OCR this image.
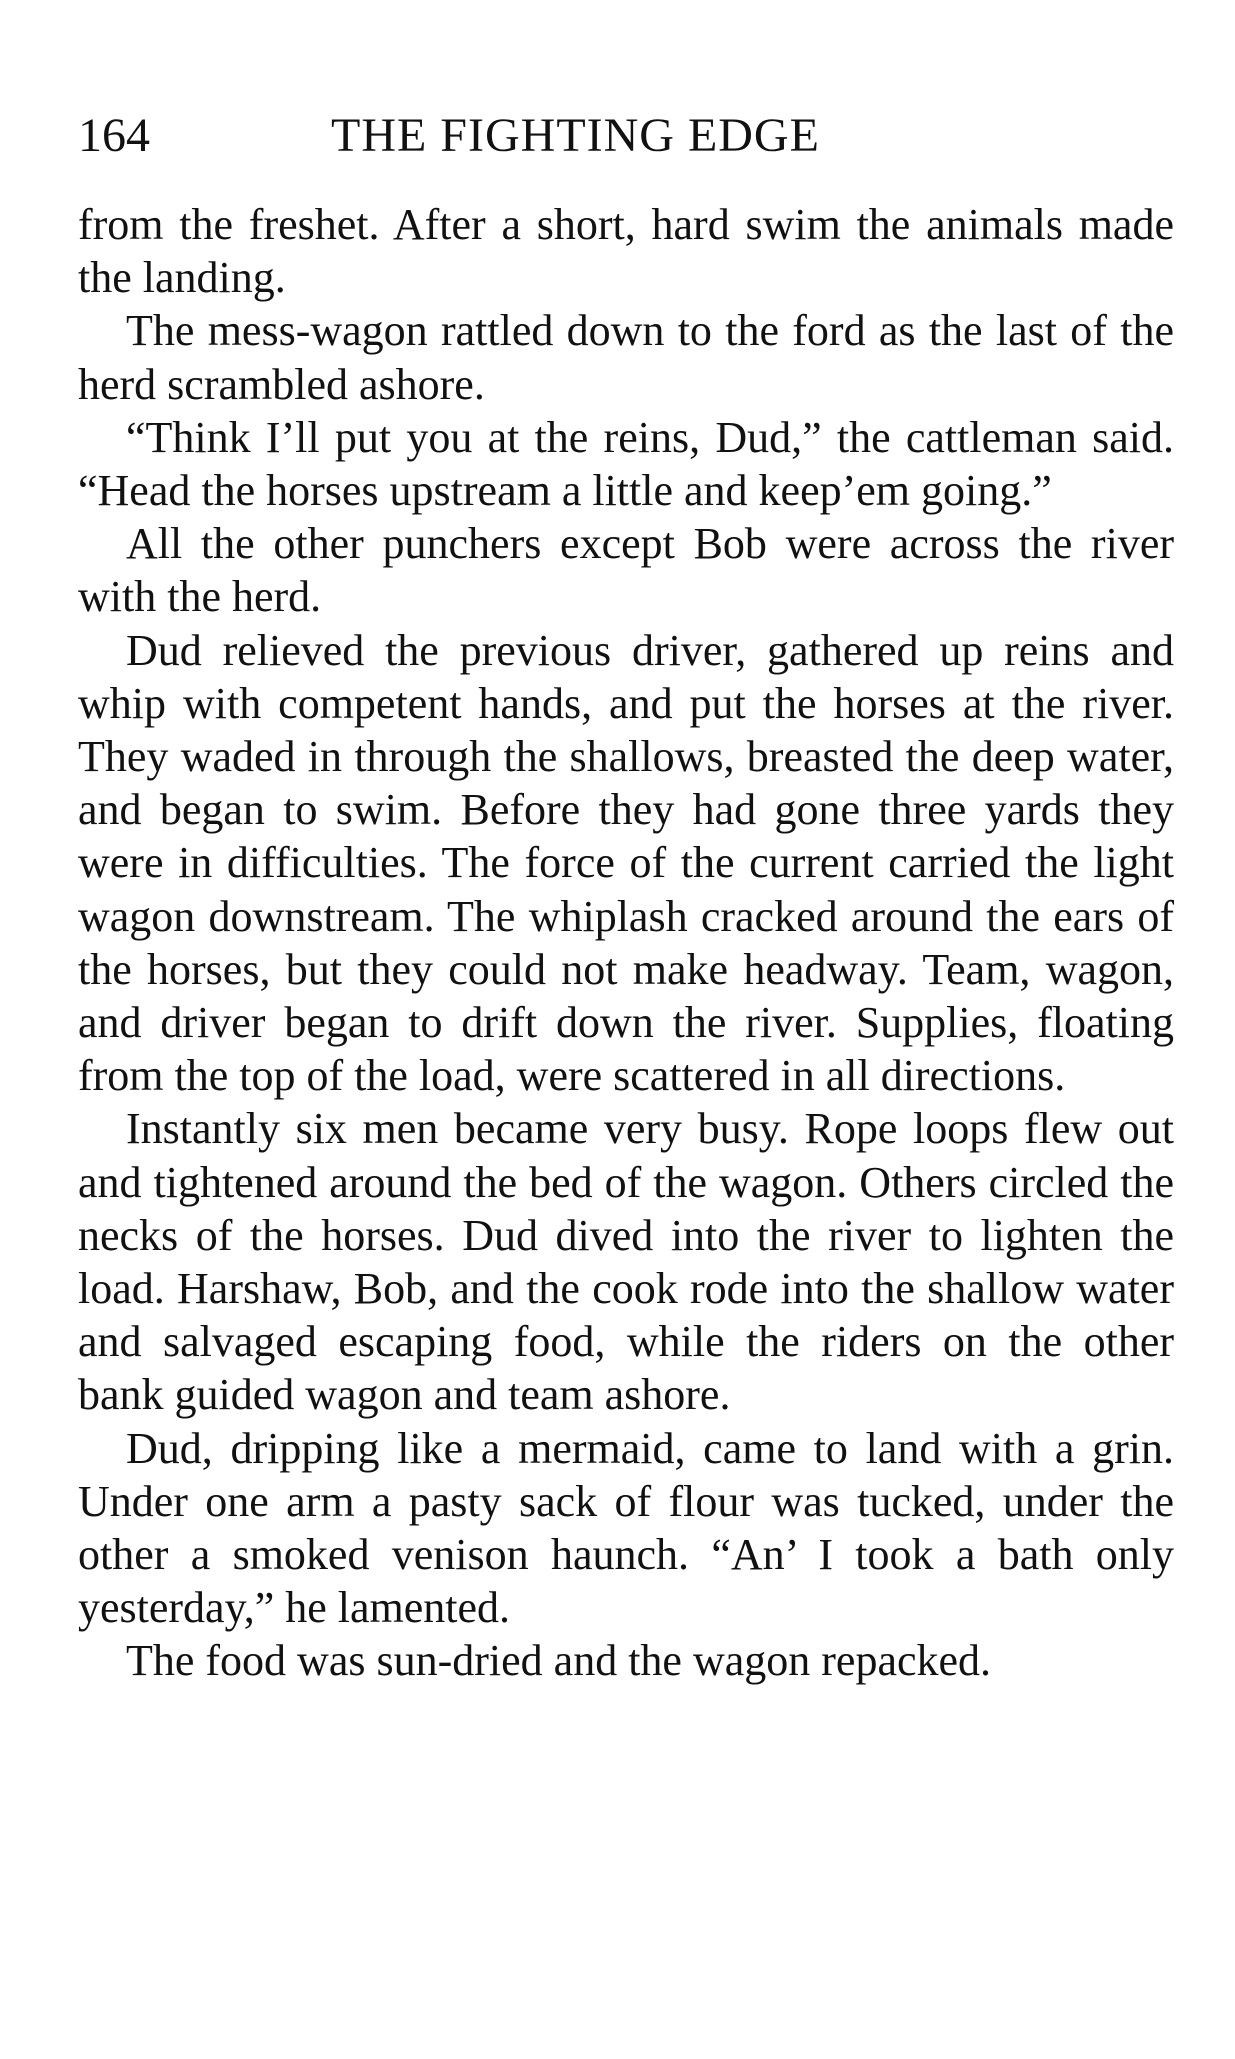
164	THE FIGHTING EDGE

from the freshet. After a short, hard swim the animals made the landing.

The mess-wagon rattled down to the ford as the last of the herd scrambled ashore.

“Think I’ll put you at the reins, Dud,” the cattleman said. “Head the horses upstream a little and keep’em going.”

All the other punchers except Bob were across the river with the herd.

Dud relieved the previous driver, gathered up reins and whip with competent hands, and put the horses at the river. They waded in through the shallows, breasted the deep water, and began to swim. Before they had gone three yards they were in difficulties. The force of the current carried the light wagon downstream. The whiplash cracked around the ears of the horses, but they could not make headway. Team, wagon, and driver began to drift down the river. Supplies, floating from the top of the load, were scattered in all directions.

Instantly six men became very busy. Rope loops flew out and tightened around the bed of the wagon. Others circled the necks of the horses. Dud dived into the river to lighten the load. Harshaw, Bob, and the cook rode into the shallow water and salvaged escaping food, while the riders on the other bank guided wagon and team ashore.

Dud, dripping like a mermaid, came to land with a grin. Under one arm a pasty sack of flour was tucked, under the other a smoked venison haunch. “An’ I took a bath only yesterday,” he lamented.

The food was sun-dried and the wagon repacked.
